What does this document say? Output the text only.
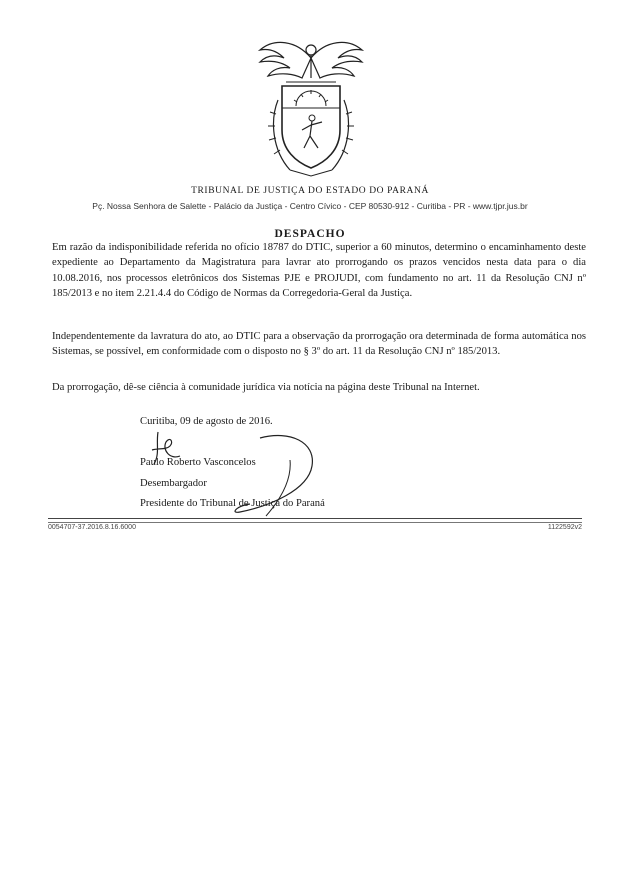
TRIBUNAL DE JUSTIÇA DO ESTADO DO PARANÁ
Pç. Nossa Senhora de Salette - Palácio da Justiça - Centro Cívico - CEP 80530-912 - Curitiba - PR - www.tjpr.jus.br
DESPACHO

Em razão da indisponibilidade referida no ofício 18787 do DTIC, superior a 60 minutos, determino o encaminhamento deste expediente ao Departamento da Magistratura para lavrar ato prorrogando os prazos vencidos nesta data para o dia 10.08.2016, nos processos eletrônicos dos Sistemas PJE e PROJUDI, com fundamento no art. 11 da Resolução CNJ nº 185/2013 e no item 2.21.4.4 do Código de Normas da Corregedoria-Geral da Justiça.

Independentemente da lavratura do ato, ao DTIC para a observação da prorrogação ora determinada de forma automática nos Sistemas, se possível, em conformidade com o disposto no § 3º do art. 11 da Resolução CNJ nº 185/2013.

Da prorrogação, dê-se ciência à comunidade jurídica via notícia na página deste Tribunal na Internet.

Curitiba, 09 de agosto de 2016.
Paulo Roberto Vasconcelos
Desembargador
Presidente do Tribunal de Justiça do Paraná
0054707-37.2016.8.16.6000	1122592v2
